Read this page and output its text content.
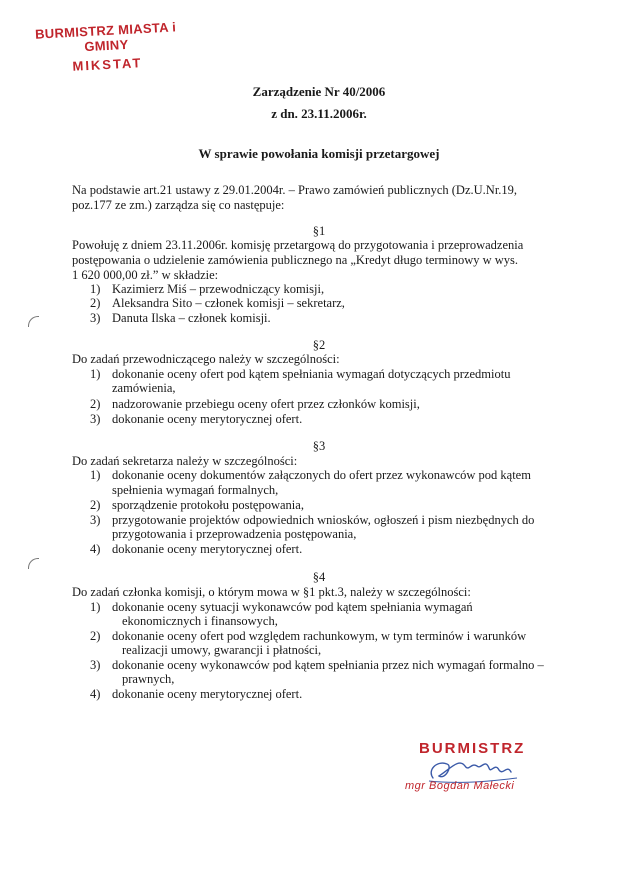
BURMISTRZ MIASTA i GMINY
MIKSTAT
Zarządzenie Nr 40/2006
z dn. 23.11.2006r.
W sprawie powołania komisji przetargowej
Na podstawie art.21 ustawy z 29.01.2004r. – Prawo zamówień publicznych (Dz.U.Nr.19,
poz.177 ze zm.) zarządza się co następuje:
§1
Powołuję z dniem 23.11.2006r. komisję przetargową do przygotowania i przeprowadzenia
postępowania o udzielenie zamówienia publicznego na „Kredyt długo terminowy w wys.
1 620 000,00 zł.” w składzie:
1) Kazimierz Miś – przewodniczący komisji,
2) Aleksandra Sito – członek komisji – sekretarz,
3) Danuta Ilska – członek komisji.
§2
Do zadań przewodniczącego należy w szczególności:
1) dokonanie oceny ofert pod kątem spełniania wymagań dotyczących przedmiotu
zamówienia,
2) nadzorowanie przebiegu oceny ofert przez członków komisji,
3) dokonanie oceny merytorycznej ofert.
§3
Do zadań sekretarza należy w szczególności:
1) dokonanie oceny dokumentów załączonych do ofert przez wykonawców pod kątem
spełnienia wymagań formalnych,
2) sporządzenie protokołu postępowania,
3) przygotowanie projektów odpowiednich wniosków, ogłoszeń i pism niezbędnych do
przygotowania i przeprowadzenia postępowania,
4) dokonanie oceny merytorycznej ofert.
§4
Do zadań członka komisji, o którym mowa w §1 pkt.3, należy w szczególności:
1) dokonanie oceny sytuacji wykonawców pod kątem spełniania wymagań
ekonomicznych i finansowych,
2) dokonanie oceny ofert pod względem rachunkowym, w tym terminów i warunków
realizacji umowy, gwarancji i płatności,
3) dokonanie oceny wykonawców pod kątem spełniania przez nich wymagań formalno –
prawnych,
4) dokonanie oceny merytorycznej ofert.
BURMISTRZ
mgr Bogdan Małecki
